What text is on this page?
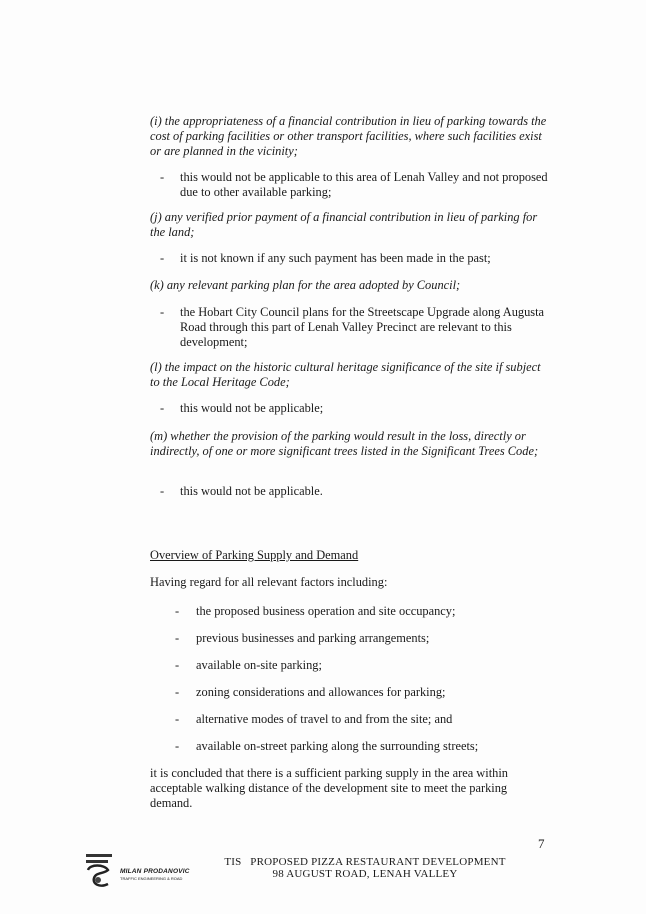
(i) the appropriateness of a financial contribution in lieu of parking towards the cost of parking facilities or other transport facilities, where such facilities exist or are planned in the vicinity;
- this would not be applicable to this area of Lenah Valley and not proposed due to other available parking;
(j) any verified prior payment of a financial contribution in lieu of parking for the land;
- it is not known if any such payment has been made in the past;
(k) any relevant parking plan for the area adopted by Council;
- the Hobart City Council plans for the Streetscape Upgrade along Augusta Road through this part of Lenah Valley Precinct are relevant to this development;
(l) the impact on the historic cultural heritage significance of the site if subject to the Local Heritage Code;
- this would not be applicable;
(m) whether the provision of the parking would result in the loss, directly or indirectly, of one or more significant trees listed in the Significant Trees Code;
- this would not be applicable.
Overview of Parking Supply and Demand
Having regard for all relevant factors including:
- the proposed business operation and site occupancy;
- previous businesses and parking arrangements;
- available on-site parking;
- zoning considerations and allowances for parking;
- alternative modes of travel to and from the site; and
- available on-street parking along the surrounding streets;
it is concluded that there is a sufficient parking supply in the area within acceptable walking distance of the development site to meet the parking demand.
7
MILAN PRODANOVIC
TRAFFIC ENGINEERING & ROAD
TIS   PROPOSED PIZZA RESTAURANT DEVELOPMENT
98 AUGUST ROAD, LENAH VALLEY
